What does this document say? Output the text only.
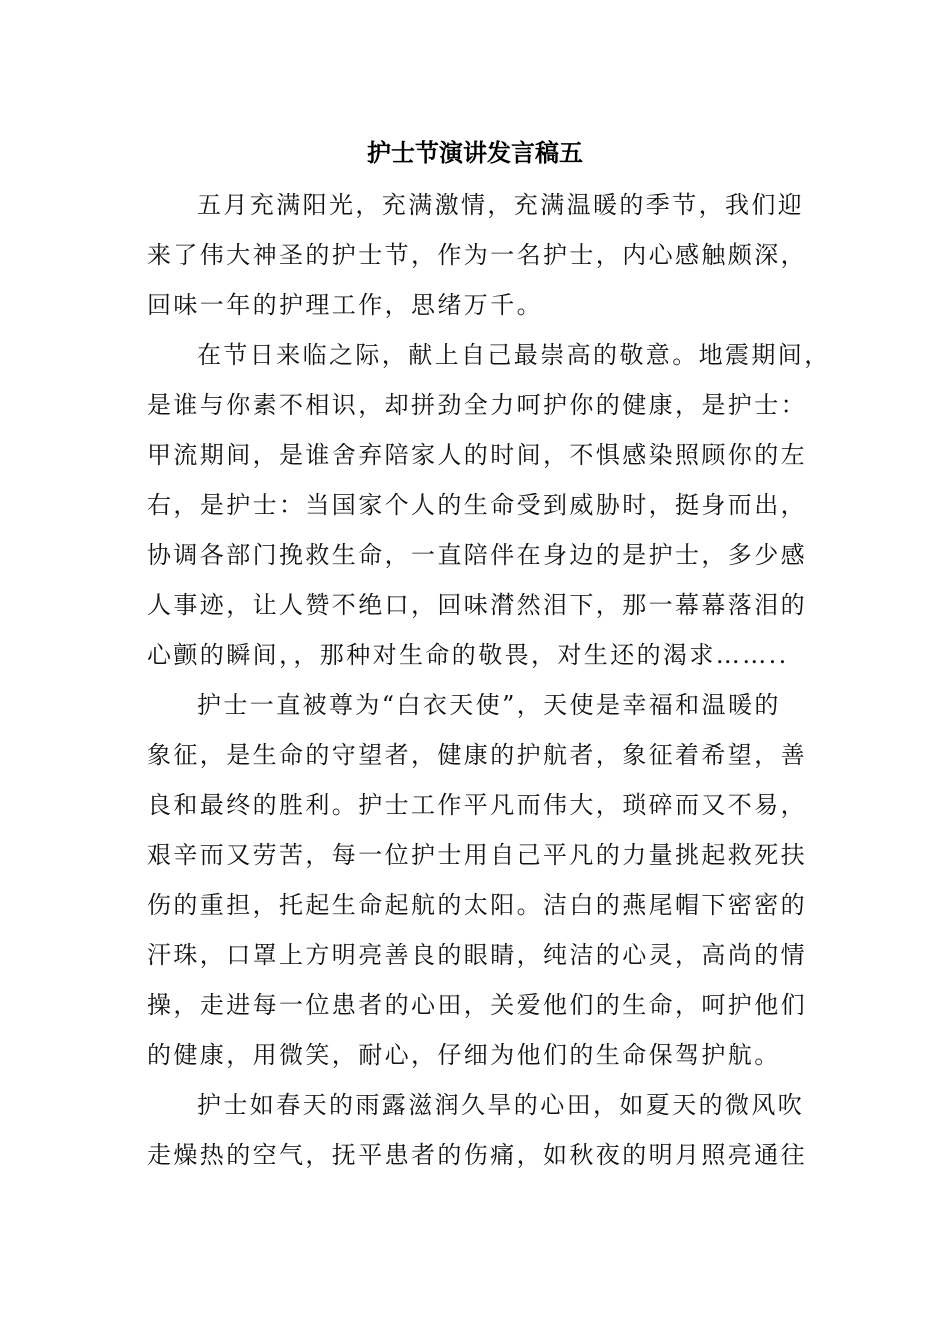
护士节演讲发言稿五
五月充满阳光，充满激情，充满温暖的季节，我们迎
来了伟大神圣的护士节，作为一名护士，内心感触颇深，
回味一年的护理工作，思绪万千。
在节日来临之际，献上自己最崇高的敬意。地震期间，
是谁与你素不相识，却拼劲全力呵护你的健康，是护士：
甲流期间，是谁舍弃陪家人的时间，不惧感染照顾你的左
右，是护士：当国家个人的生命受到威胁时，挺身而出，
协调各部门挽救生命，一直陪伴在身边的是护士，多少感
人事迹，让人赞不绝口，回味潸然泪下，那一幕幕落泪的
心颤的瞬间，，那种对生命的敬畏，对生还的渴求……..
护士一直被尊为“白衣天使”，天使是幸福和温暖的
象征，是生命的守望者，健康的护航者，象征着希望，善
良和最终的胜利。护士工作平凡而伟大，琐碎而又不易，
艰辛而又劳苦，每一位护士用自己平凡的力量挑起救死扶
伤的重担，托起生命起航的太阳。洁白的燕尾帽下密密的
汗珠，口罩上方明亮善良的眼睛，纯洁的心灵，高尚的情
操，走进每一位患者的心田，关爱他们的生命，呵护他们
的健康，用微笑，耐心，仔细为他们的生命保驾护航。
护士如春天的雨露滋润久旱的心田，如夏天的微风吹
走燥热的空气，抚平患者的伤痛，如秋夜的明月照亮通往
